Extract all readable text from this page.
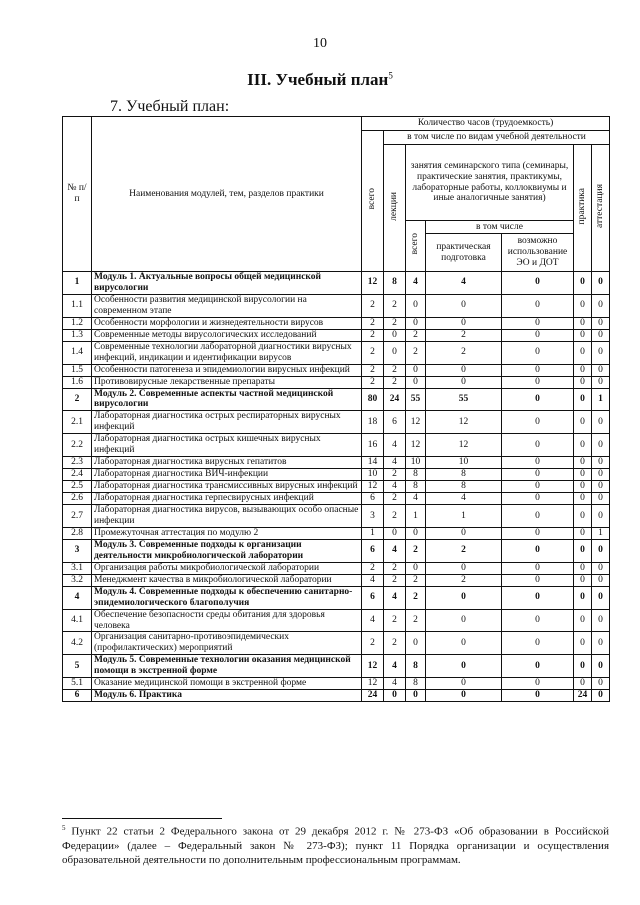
10
III. Учебный план$^5$
7. Учебный план:
№ п/п	Наименования модулей, тем, разделов практики	Количество часов (трудоемкость)						
		всего	в том числе по видам учебной деятельности					
			лекции	занятия семинарского типа (семинары, практические занятия, практикумы, лабораторные работы, коллоквиумы и иные аналогичные занятия)			практика	аттестация
				всего	в том числе			
					практическая подготовка	возможно использование ЭО и ДОТ		
1	Модуль 1. Актуальные вопросы общей медицинской вирусологии	12	8	4	4	0	0	0
1.1	Особенности развития медицинской вирусологии на современном этапе	2	2	0	0	0	0	0
1.2	Особенности морфологии и жизнедеятельности вирусов	2	2	0	0	0	0	0
1.3	Современные методы вирусологических исследований	2	0	2	2	0	0	0
1.4	Современные технологии лабораторной диагностики вирусных инфекций, индикации и идентификации вирусов	2	0	2	2	0	0	0
1.5	Особенности патогенеза и эпидемиологии вирусных инфекций	2	2	0	0	0	0	0
1.6	Противовирусные лекарственные препараты	2	2	0	0	0	0	0
2	Модуль 2. Современные аспекты частной медицинской вирусологии	80	24	55	55	0	0	1
2.1	Лабораторная диагностика острых респираторных вирусных инфекций	18	6	12	12	0	0	0
2.2	Лабораторная диагностика острых кишечных вирусных инфекций	16	4	12	12	0	0	0
2.3	Лабораторная диагностика вирусных гепатитов	14	4	10	10	0	0	0
2.4	Лабораторная диагностика ВИЧ-инфекции	10	2	8	8	0	0	0
2.5	Лабораторная диагностика трансмиссивных вирусных инфекций	12	4	8	8	0	0	0
2.6	Лабораторная диагностика герпесвирусных инфекций	6	2	4	4	0	0	0
2.7	Лабораторная диагностика вирусов, вызывающих особо опасные инфекции	3	2	1	1	0	0	0
2.8	Промежуточная аттестация по модулю 2	1	0	0	0	0	0	1
3	Модуль 3. Современные подходы к организации деятельности микробиологической лаборатории	6	4	2	2	0	0	0
3.1	Организация работы микробиологической лаборатории	2	2	0	0	0	0	0
3.2	Менеджмент качества в микробиологической лаборатории	4	2	2	2	0	0	0
4	Модуль 4. Современные подходы к обеспечению санитарно-эпидемиологического благополучия	6	4	2	0	0	0	0
4.1	Обеспечение безопасности среды обитания для здоровья человека	4	2	2	0	0	0	0
4.2	Организация санитарно-противоэпидемических (профилактических) мероприятий	2	2	0	0	0	0	0
5	Модуль 5. Современные технологии оказания медицинской помощи в экстренной форме	12	4	8	0	0	0	0
5.1	Оказание медицинской помощи в экстренной форме	12	4	8	0	0	0	0
6	Модуль 6. Практика	24	0	0	0	0	24	0
$^5$ Пункт 22 статьи 2 Федерального закона от 29 декабря 2012 г. № 273-ФЗ «Об образовании в Российской Федерации» (далее – Федеральный закон № 273-ФЗ); пункт 11 Порядка организации и осуществления образовательной деятельности по дополнительным профессиональным программам.
